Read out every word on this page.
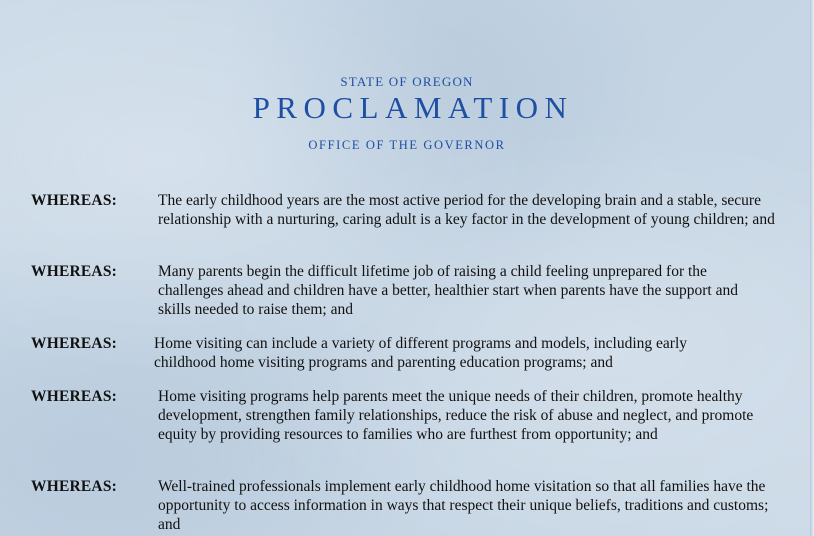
STATE OF OREGON
PROCLAMATION
OFFICE OF THE GOVERNOR
WHEREAS:	The early childhood years are the most active period for the developing brain and a stable, secure relationship with a nurturing, caring adult is a key factor in the development of young children; and
WHEREAS:	Many parents begin the difficult lifetime job of raising a child feeling unprepared for the challenges ahead and children have a better, healthier start when parents have the support and skills needed to raise them; and
WHEREAS: Home visiting can include a variety of different programs and models, including early childhood home visiting programs and parenting education programs; and
WHEREAS:	Home visiting programs help parents meet the unique needs of their children, promote healthy development, strengthen family relationships, reduce the risk of abuse and neglect, and promote equity by providing resources to families who are furthest from opportunity; and
WHEREAS:	Well-trained professionals implement early childhood home visitation so that all families have the opportunity to access information in ways that respect their unique beliefs, traditions and customs; and
